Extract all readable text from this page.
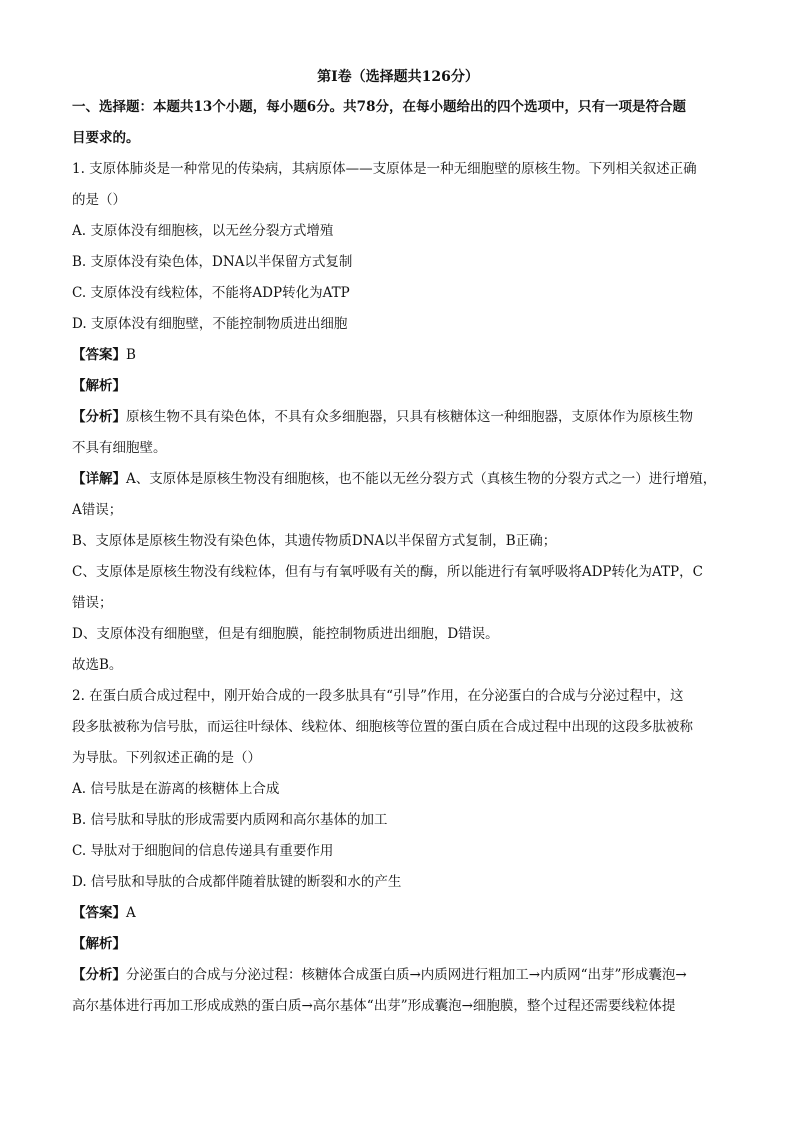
第Ⅰ卷（选择题共126分）
一、选择题：本题共13个小题，每小题6分。共78分，在每小题给出的四个选项中，只有一项是符合题
目要求的。
1. 支原体肺炎是一种常见的传染病，其病原体——支原体是一种无细胞壁的原核生物。下列相关叙述正确
的是（）
A. 支原体没有细胞核，以无丝分裂方式增殖
B. 支原体没有染色体，DNA以半保留方式复制
C. 支原体没有线粒体，不能将ADP转化为ATP
D. 支原体没有细胞壁，不能控制物质进出细胞
【答案】B
【解析】
【分析】原核生物不具有染色体，不具有众多细胞器，只具有核糖体这一种细胞器，支原体作为原核生物
不具有细胞壁。
【详解】A、支原体是原核生物没有细胞核，也不能以无丝分裂方式（真核生物的分裂方式之一）进行增殖，
A错误；
B、支原体是原核生物没有染色体，其遗传物质DNA以半保留方式复制，B正确；
C、支原体是原核生物没有线粒体，但有与有氧呼吸有关的酶，所以能进行有氧呼吸将ADP转化为ATP，C
错误；
D、支原体没有细胞壁，但是有细胞膜，能控制物质进出细胞，D错误。
故选B。
2. 在蛋白质合成过程中，刚开始合成的一段多肽具有“引导”作用，在分泌蛋白的合成与分泌过程中，这
段多肽被称为信号肽，而运往叶绿体、线粒体、细胞核等位置的蛋白质在合成过程中出现的这段多肽被称
为导肽。下列叙述正确的是（）
A. 信号肽是在游离的核糖体上合成
B. 信号肽和导肽的形成需要内质网和高尔基体的加工
C. 导肽对于细胞间的信息传递具有重要作用
D. 信号肽和导肽的合成都伴随着肽键的断裂和水的产生
【答案】A
【解析】
【分析】分泌蛋白的合成与分泌过程：核糖体合成蛋白质→内质网进行粗加工→内质网“出芽”形成囊泡→
高尔基体进行再加工形成成熟的蛋白质→高尔基体“出芽”形成囊泡→细胞膜，整个过程还需要线粒体提
